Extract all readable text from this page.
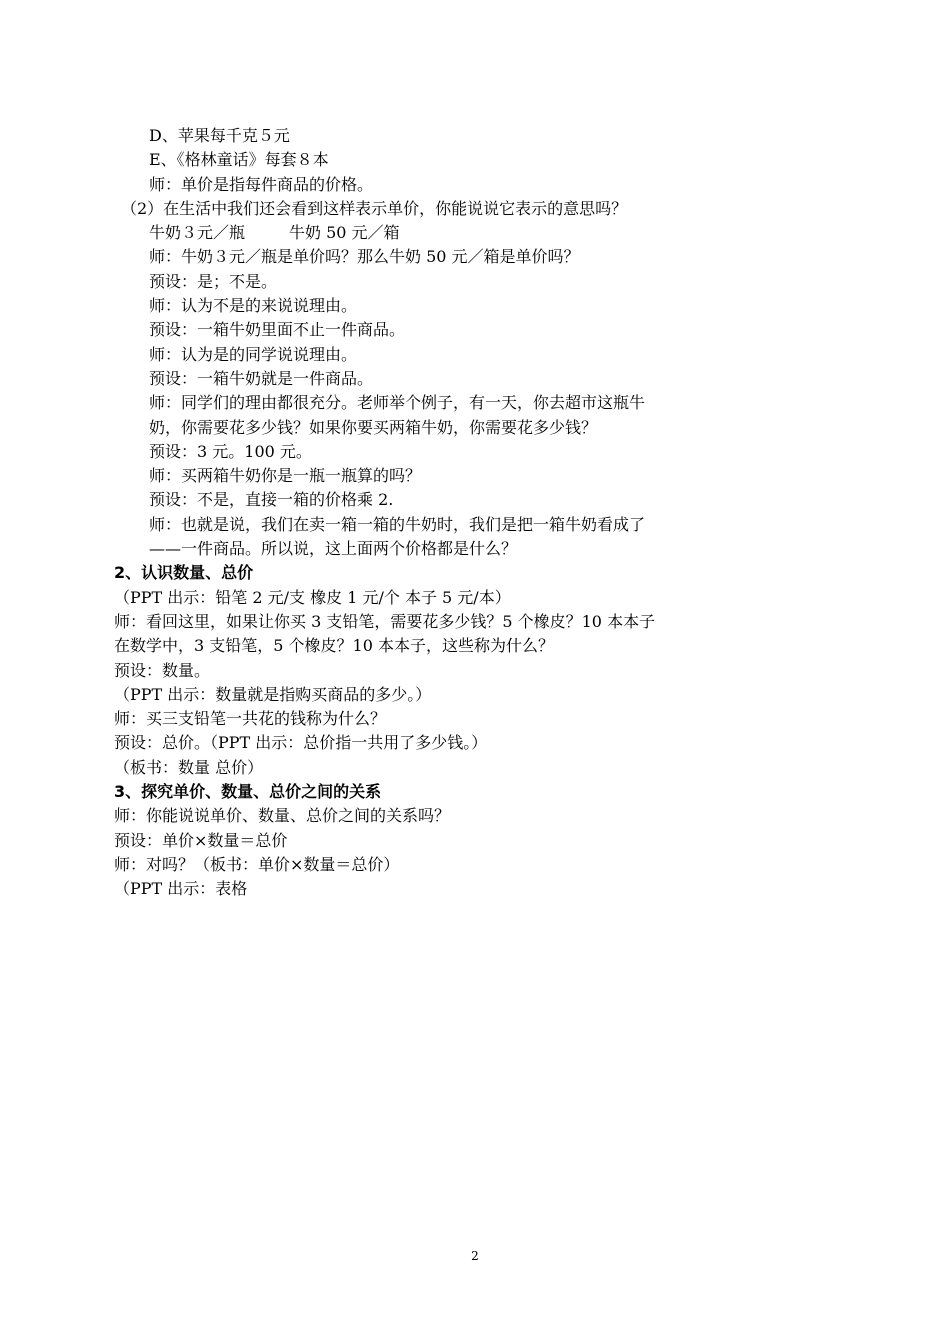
D、苹果每千克５元
E、《格林童话》每套８本
师：单价是指每件商品的价格。
（2）在生活中我们还会看到这样表示单价，你能说说它表示的意思吗？
牛奶３元／瓶	牛奶 50 元／箱
师：牛奶３元／瓶是单价吗？那么牛奶 50 元／箱是单价吗？
预设：是；不是。
师：认为不是的来说说理由。
预设：一箱牛奶里面不止一件商品。
师：认为是的同学说说理由。
预设：一箱牛奶就是一件商品。
师：同学们的理由都很充分。老师举个例子，有一天，你去超市这瓶牛
奶，你需要花多少钱？如果你要买两箱牛奶，你需要花多少钱？
预设：3 元。100 元。
师：买两箱牛奶你是一瓶一瓶算的吗？
预设：不是，直接一箱的价格乘 2.
师：也就是说，我们在卖一箱一箱的牛奶时，我们是把一箱牛奶看成了
——一件商品。所以说，这上面两个价格都是什么？
2、认识数量、总价
（PPT 出示：铅笔 2 元/支 橡皮 1 元/个 本子 5 元/本）
师：看回这里，如果让你买 3 支铅笔，需要花多少钱？5 个橡皮？10 本本子
在数学中，3 支铅笔，5 个橡皮？10 本本子，这些称为什么？
预设：数量。
（PPT 出示：数量就是指购买商品的多少。）
师：买三支铅笔一共花的钱称为什么？
预设：总价。（PPT 出示：总价指一共用了多少钱。）
（板书：数量 总价）
3、探究单价、数量、总价之间的关系
师：你能说说单价、数量、总价之间的关系吗？
预设：单价×数量＝总价
师：对吗？（板书：单价×数量＝总价）
（PPT 出示：表格
2
